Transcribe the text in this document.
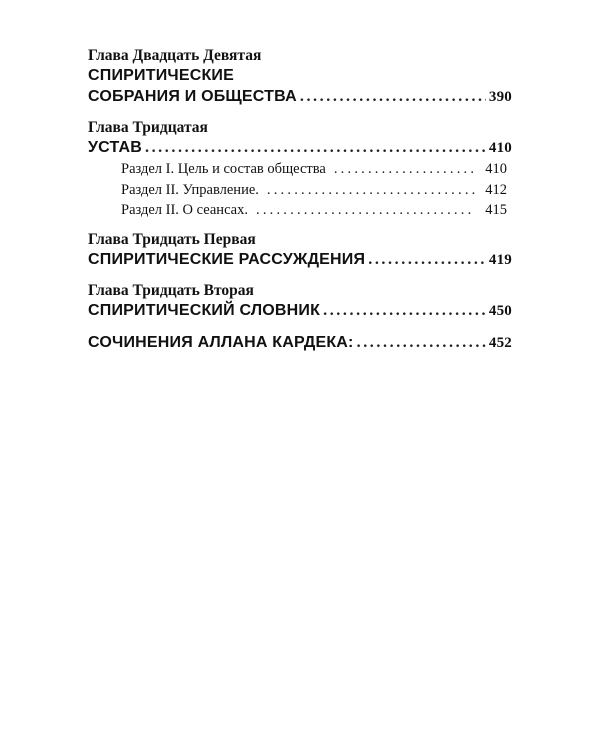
Глава Двадцать Девятая
СПИРИТИЧЕСКИЕ
СОБРАНИЯ И ОБЩЕСТВА .....	390
Глава Тридцатая
УСТАВ .....	410
Раздел I. Цель и состав общества .....	410
Раздел II. Управление. .....	412
Раздел II. О сеансах. .....	415
Глава Тридцать Первая
СПИРИТИЧЕСКИЕ РАССУЖДЕНИЯ .....	419
Глава Тридцать Вторая
СПИРИТИЧЕСКИЙ СЛОВНИК .....	450
СОЧИНЕНИЯ АЛЛАНА КАРДЕКА: .....	452
